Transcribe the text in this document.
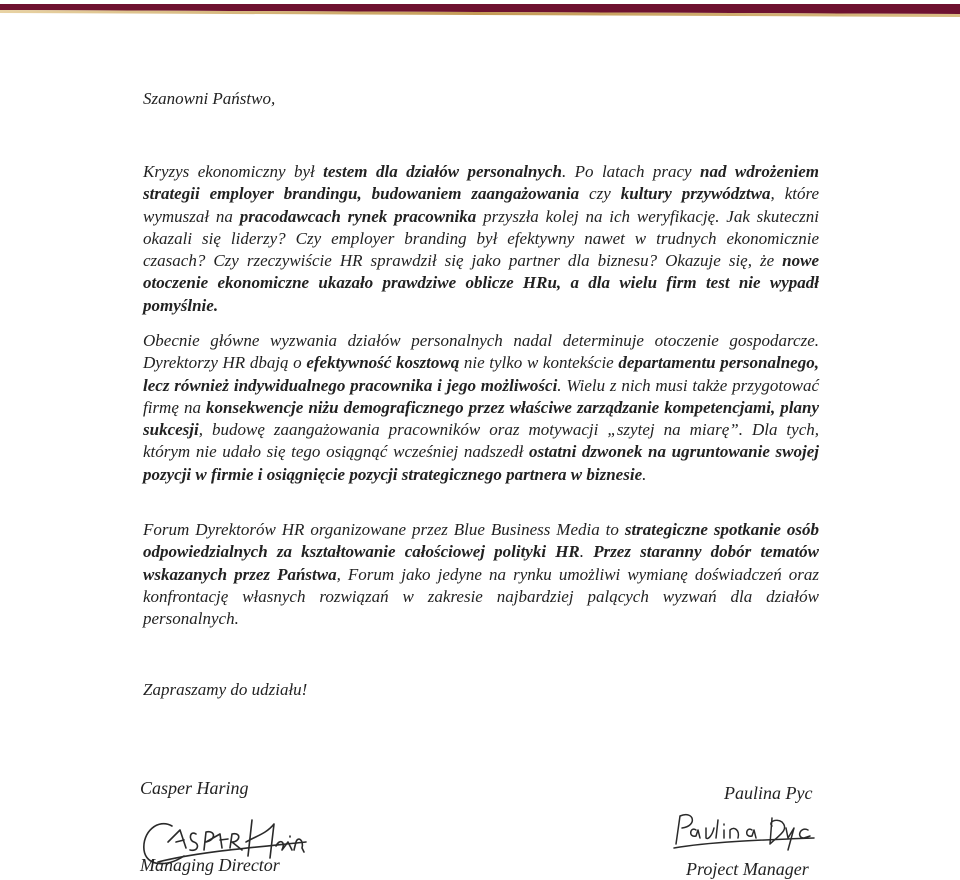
Szanowni Państwo,

Kryzys ekonomiczny był testem dla działów personalnych. Po latach pracy nad wdrożeniem strategii employer brandingu, budowaniem zaangażowania czy kultury przywództwa, które wymuszał na pracodawcach rynek pracownika przyszła kolej na ich weryfikację. Jak skuteczni okazali się liderzy? Czy employer branding był efektywny nawet w trudnych ekonomicznie czasach? Czy rzeczywiście HR sprawdził się jako partner dla biznesu? Okazuje się, że nowe otoczenie ekonomiczne ukazało prawdziwe oblicze HRu, a dla wielu firm test nie wypadł pomyślnie.

Obecnie główne wyzwania działów personalnych nadal determinuje otoczenie gospodarcze. Dyrektorzy HR dbają o efektywność kosztową nie tylko w kontekście departamentu personalnego, lecz również indywidualnego pracownika i jego możliwości. Wielu z nich musi także przygotować firmę na konsekwencje niżu demograficznego przez właściwe zarządzanie kompetencjami, plany sukcesji, budowę zaangażowania pracowników oraz motywacji „szytej na miarę”. Dla tych, którym nie udało się tego osiągnąć wcześniej nadszedł ostatni dzwonek na ugruntowanie swojej pozycji w firmie i osiągnięcie pozycji strategicznego partnera w biznesie.

Forum Dyrektorów HR organizowane przez Blue Business Media to strategiczne spotkanie osób odpowiedzialnych za kształtowanie całościowej polityki HR. Przez staranny dobór tematów wskazanych przez Państwa, Forum jako jedyne na rynku umożliwi wymianę doświadczeń oraz konfrontację własnych rozwiązań w zakresie najbardziej palących wyzwań dla działów personalnych.

Zapraszamy do udziału!

Casper Haring
Managing Director
Paulina Pyc
Project Manager
